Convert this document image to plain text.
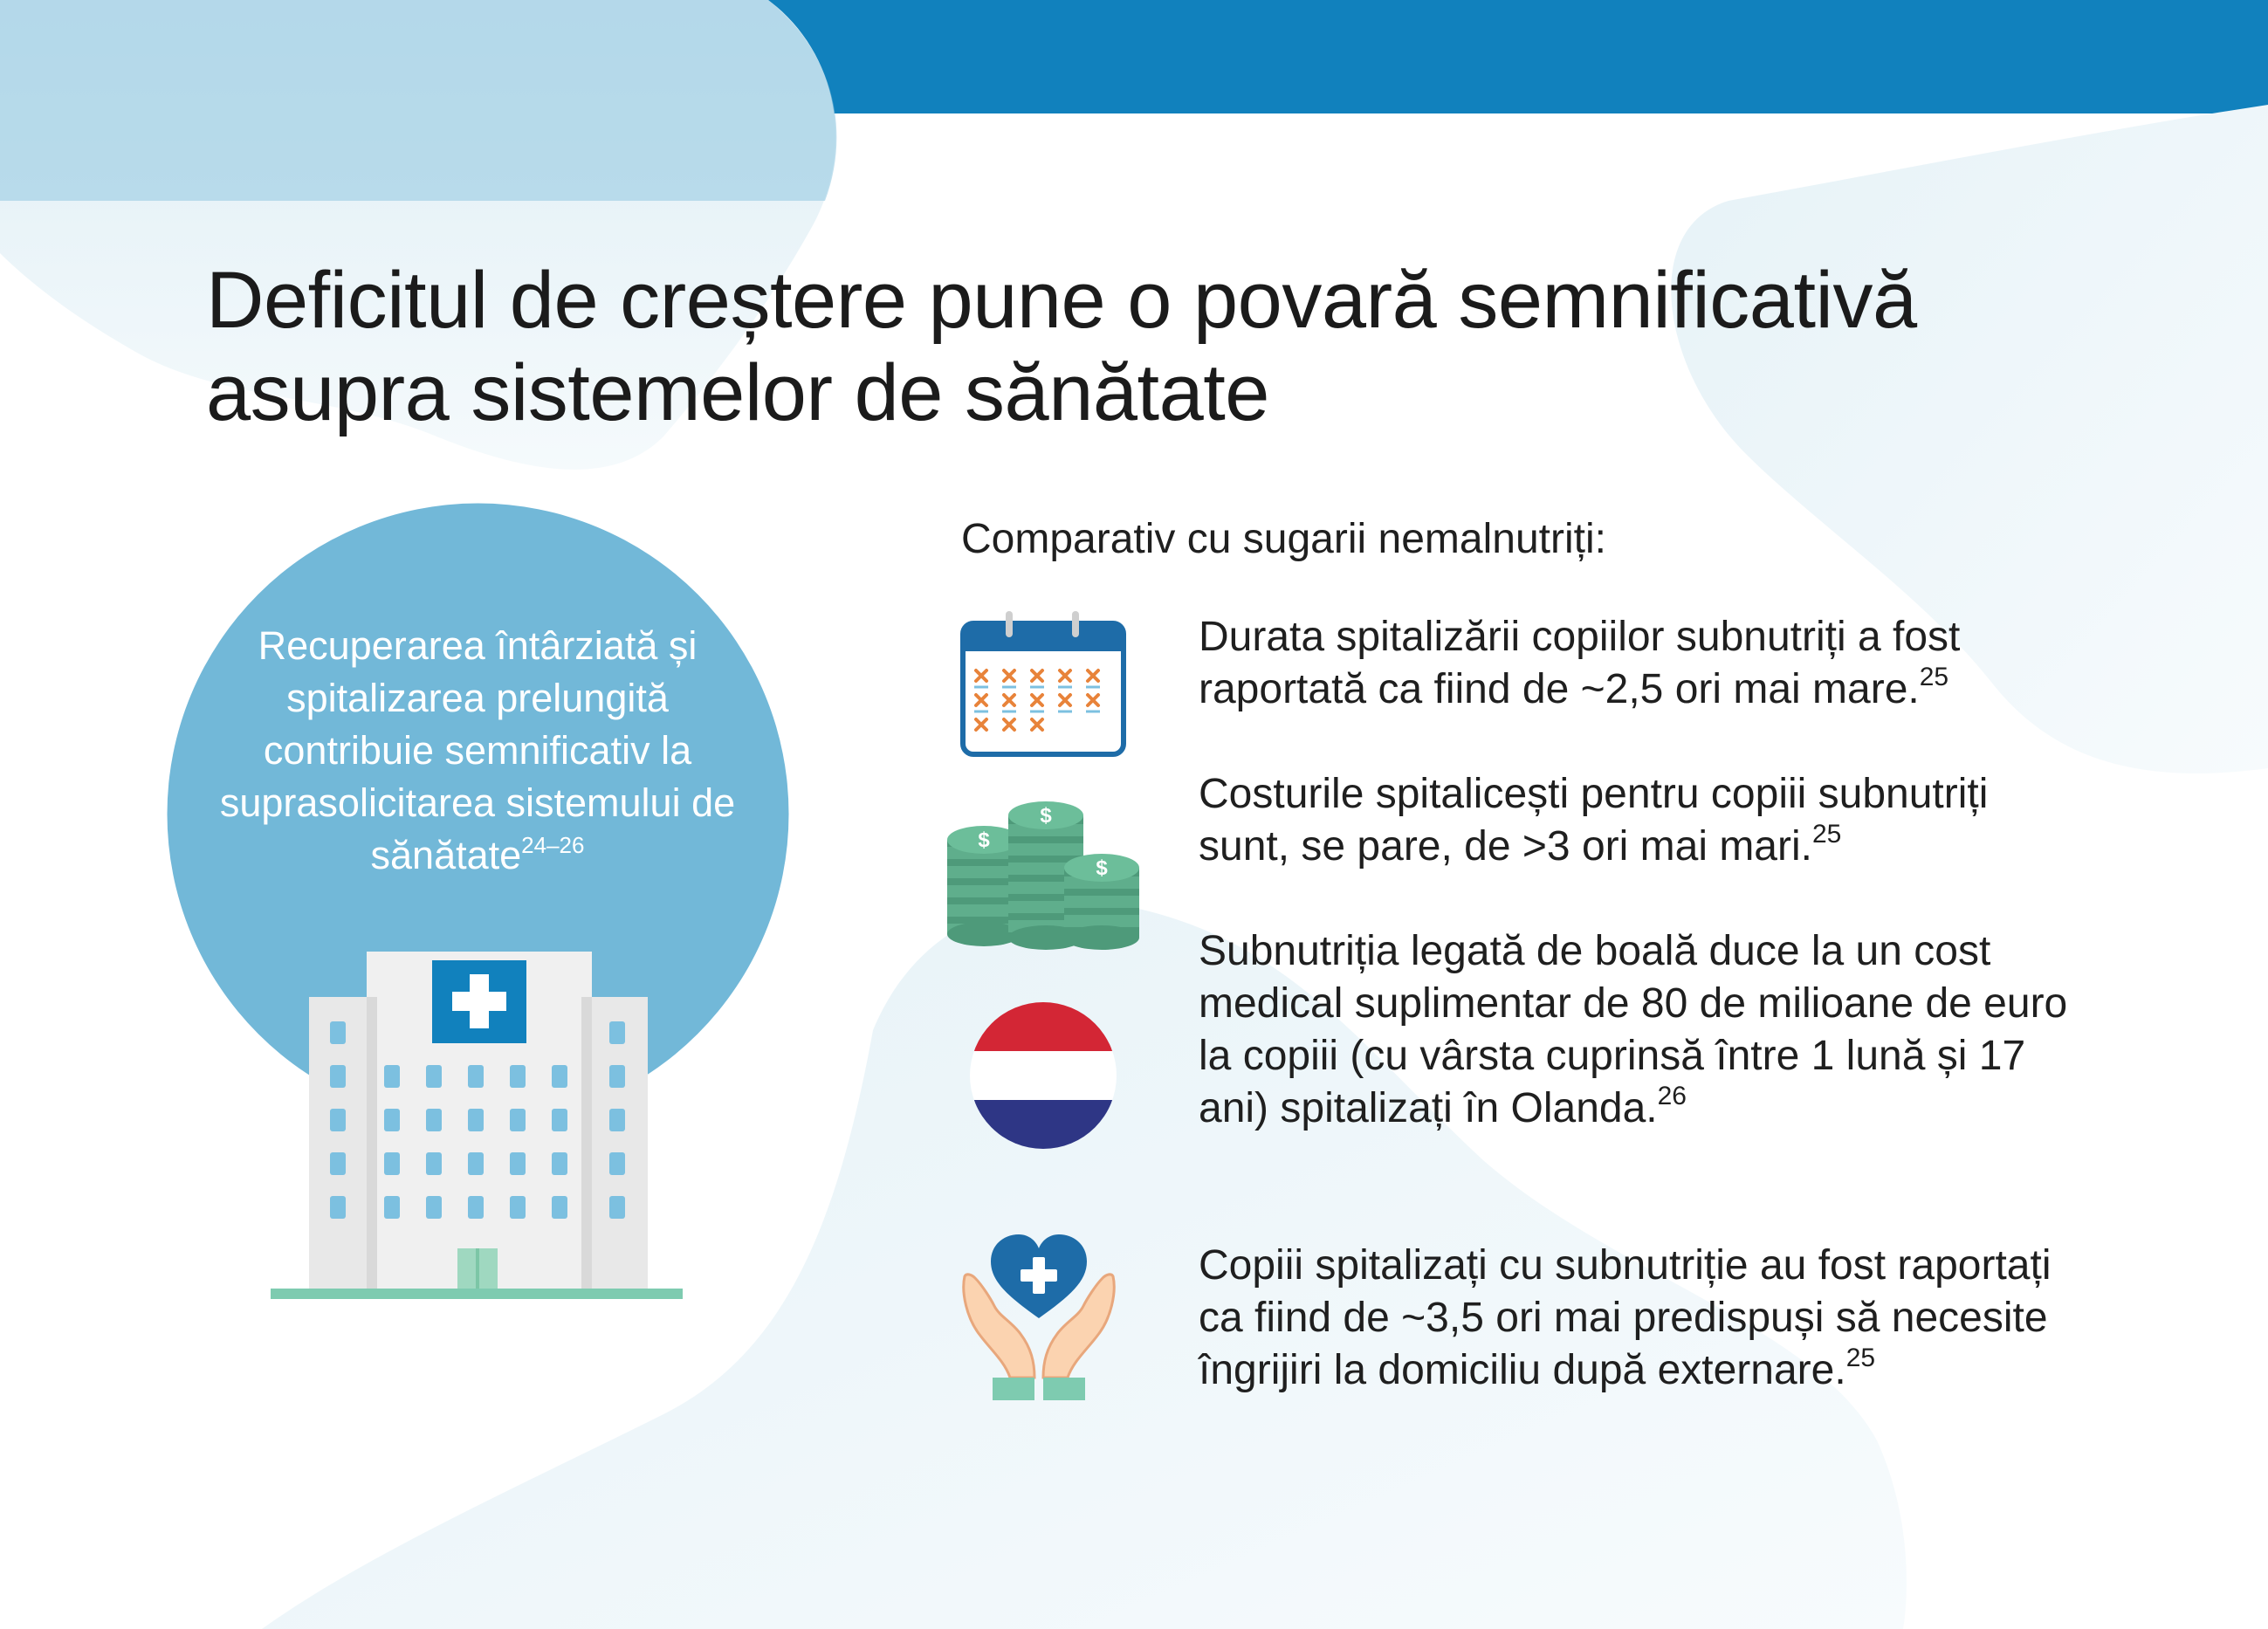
Deficitul de creștere pune o povară semnificativă
asupra sistemelor de sănătate
Recuperarea întârziată și spitalizarea prelungită contribuie semnificativ la suprasolicitarea sistemului de sănătate$^{24-26}$
Comparativ cu sugarii nemalnutriți:
Durata spitalizării copiilor subnutriți a fost raportată ca fiind de ~2,5 ori mai mare.$^{25}$
$
$
$
Costurile spitalicești pentru copiii subnutriți sunt, se pare, de >3 ori mai mari.$^{25}$
Subnutriția legată de boală duce la un cost medical suplimentar de 80 de milioane de euro la copiii (cu vârsta cuprinsă între 1 lună și 17 ani) spitalizați în Olanda.$^{26}$
Copiii spitalizați cu subnutriție au fost raportați ca fiind de ~3,5 ori mai predispuși să necesite îngrijiri la domiciliu după externare.$^{25}$
